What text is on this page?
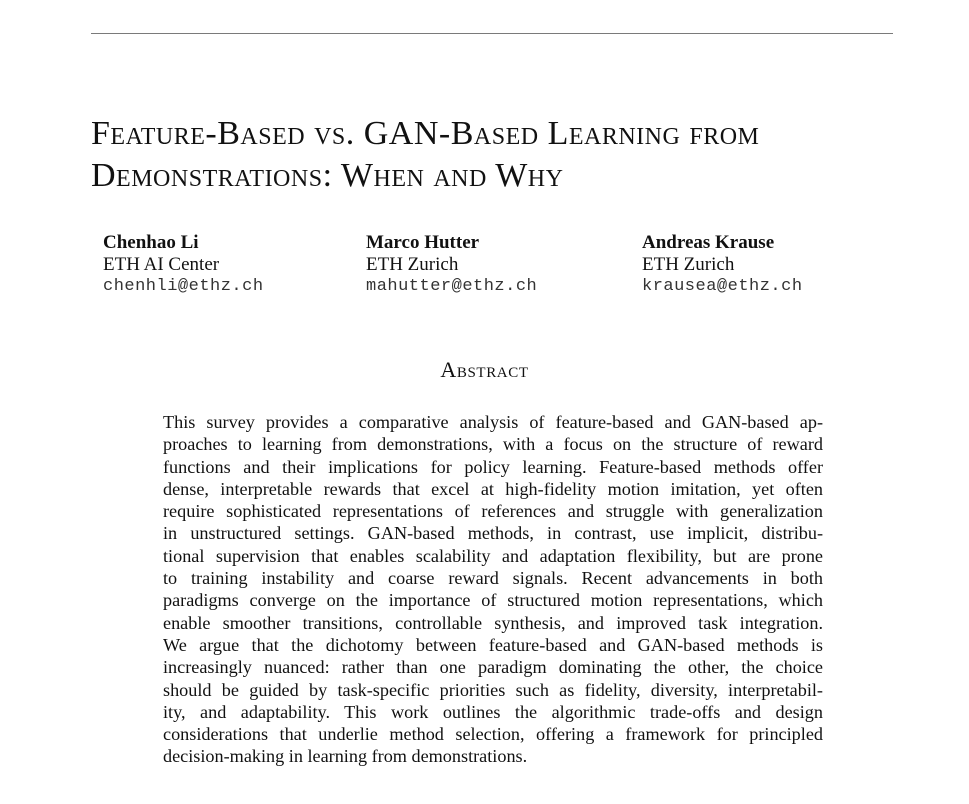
Feature-Based vs. GAN-Based Learning from
Demonstrations: When and Why
Chenhao Li
ETH AI Center
chenhli@ethz.ch
Marco Hutter
ETH Zurich
mahutter@ethz.ch
Andreas Krause
ETH Zurich
krausea@ethz.ch
Abstract
This survey provides a comparative analysis of feature-based and GAN-based ap-
proaches to learning from demonstrations, with a focus on the structure of reward
functions and their implications for policy learning. Feature-based methods offer
dense, interpretable rewards that excel at high-fidelity motion imitation, yet often
require sophisticated representations of references and struggle with generalization
in unstructured settings. GAN-based methods, in contrast, use implicit, distribu-
tional supervision that enables scalability and adaptation flexibility, but are prone
to training instability and coarse reward signals. Recent advancements in both
paradigms converge on the importance of structured motion representations, which
enable smoother transitions, controllable synthesis, and improved task integration.
We argue that the dichotomy between feature-based and GAN-based methods is
increasingly nuanced: rather than one paradigm dominating the other, the choice
should be guided by task-specific priorities such as fidelity, diversity, interpretabil-
ity, and adaptability. This work outlines the algorithmic trade-offs and design
considerations that underlie method selection, offering a framework for principled
decision-making in learning from demonstrations.
